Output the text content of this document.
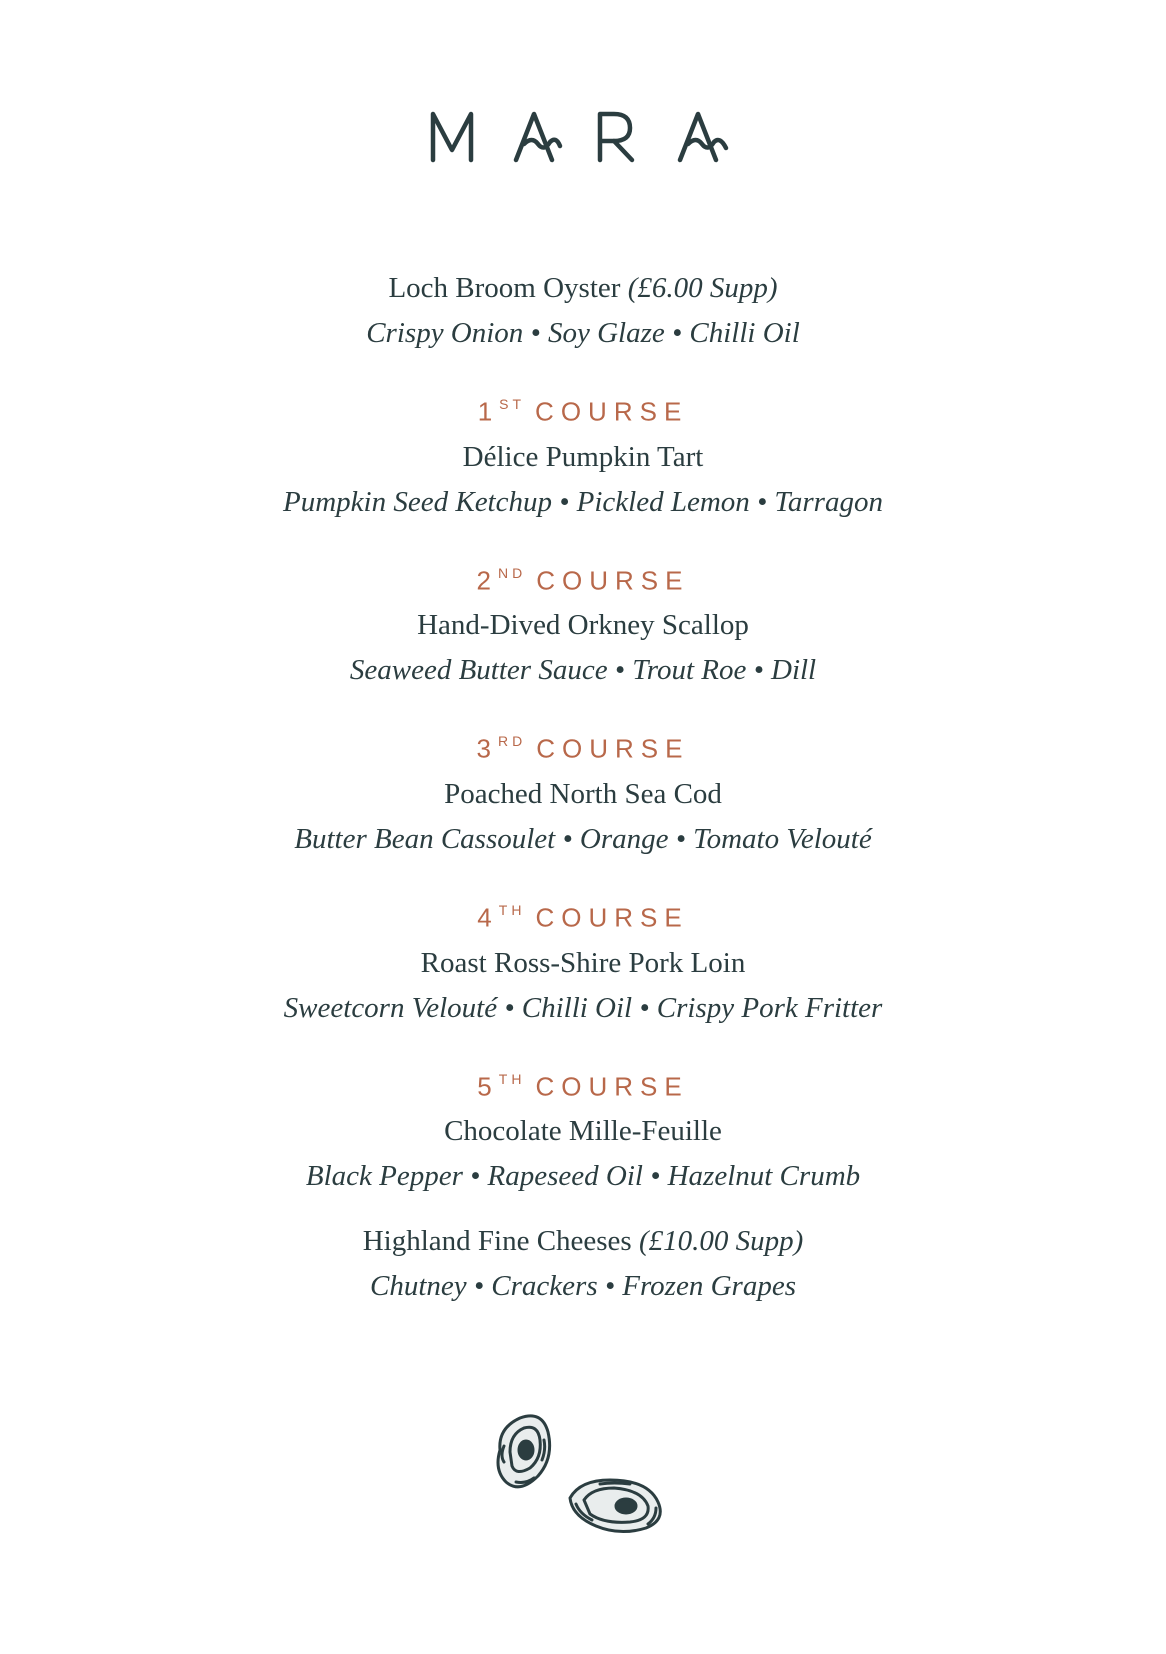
Loch Broom Oyster (£6.00 Supp)
Crispy Onion • Soy Glaze • Chilli Oil
1ST COURSE
Délice Pumpkin Tart
Pumpkin Seed Ketchup • Pickled Lemon • Tarragon
2ND COURSE
Hand-Dived Orkney Scallop
Seaweed Butter Sauce • Trout Roe • Dill
3RD COURSE
Poached North Sea Cod
Butter Bean Cassoulet • Orange • Tomato Velouté
4TH COURSE
Roast Ross-Shire Pork Loin
Sweetcorn Velouté • Chilli Oil • Crispy Pork Fritter
5TH COURSE
Chocolate Mille-Feuille
Black Pepper • Rapeseed Oil • Hazelnut Crumb
Highland Fine Cheeses (£10.00 Supp)
Chutney • Crackers • Frozen Grapes
